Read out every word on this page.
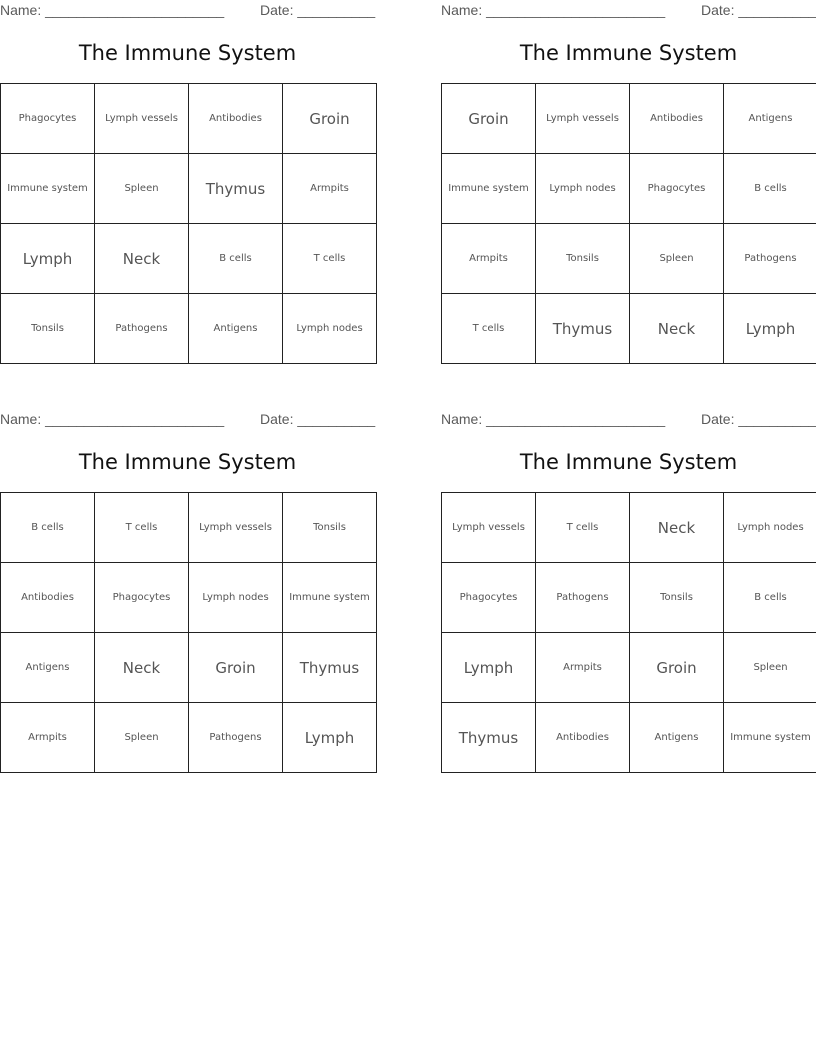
Name: _______________________	Date: __________
The Immune System
Phagocytes	Lymph vessels	Antibodies	Groin
Immune system	Spleen	Thymus	Armpits
Lymph	Neck	B cells	T cells
Tonsils	Pathogens	Antigens	Lymph nodes
Name: _______________________	Date: __________
The Immune System
Groin	Lymph vessels	Antibodies	Antigens
Immune system	Lymph nodes	Phagocytes	B cells
Armpits	Tonsils	Spleen	Pathogens
T cells	Thymus	Neck	Lymph
Name: _______________________	Date: __________
The Immune System
B cells	T cells	Lymph vessels	Tonsils
Antibodies	Phagocytes	Lymph nodes	Immune system
Antigens	Neck	Groin	Thymus
Armpits	Spleen	Pathogens	Lymph
Name: _______________________	Date: __________
The Immune System
Lymph vessels	T cells	Neck	Lymph nodes
Phagocytes	Pathogens	Tonsils	B cells
Lymph	Armpits	Groin	Spleen
Thymus	Antibodies	Antigens	Immune system
